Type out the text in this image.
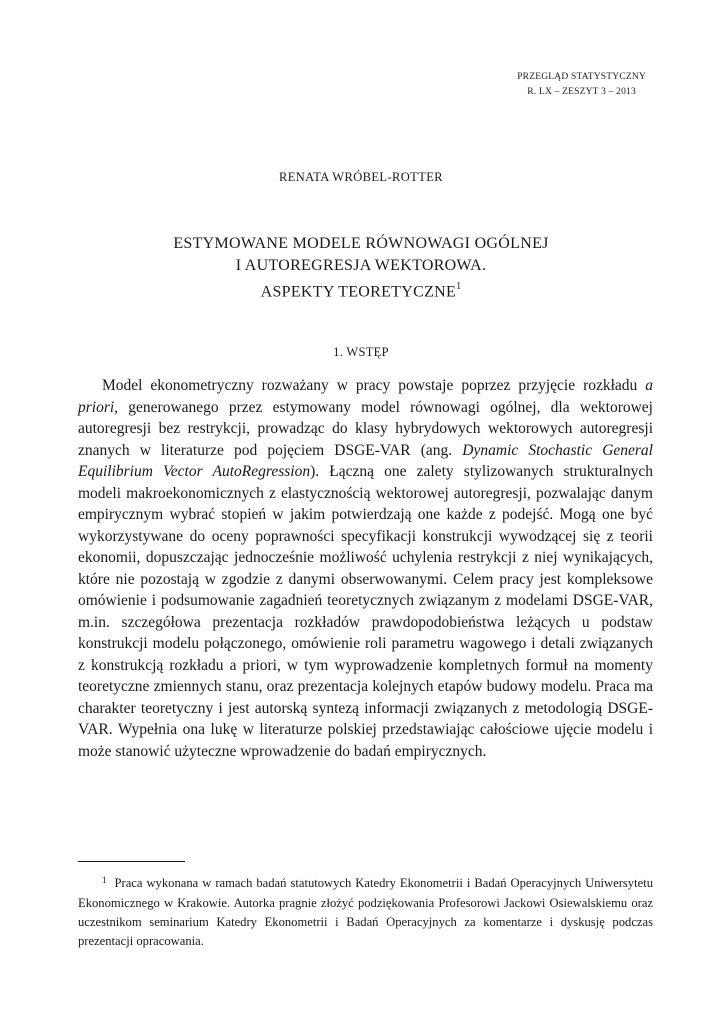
PRZEGLĄD STATYSTYCZNY
R. LX – ZESZYT 3 – 2013
RENATA WRÓBEL-ROTTER
ESTYMOWANE MODELE RÓWNOWAGI OGÓLNEJ
I AUTOREGRESJA WEKTOROWA.
ASPEKTY TEORETYCZNE$^1$
1. WSTĘP

Model ekonometryczny rozważany w pracy powstaje poprzez przyjęcie rozkładu a priori, generowanego przez estymowany model równowagi ogólnej, dla wektorowej autoregresji bez restrykcji, prowadząc do klasy hybrydowych wektorowych autoregresji znanych w literaturze pod pojęciem DSGE-VAR (ang. Dynamic Stochastic General Equilibrium Vector AutoRegression). Łączną one zalety stylizowanych strukturalnych modeli makroekonomicznych z elastycznością wektorowej autoregresji, pozwalając danym empirycznym wybrać stopień w jakim potwierdzają one każde z podejść. Mogą one być wykorzystywane do oceny poprawności specyfikacji konstrukcji wywodzącej się z teorii ekonomii, dopuszczając jednocześnie możliwość uchylenia restrykcji z niej wynikających, które nie pozostają w zgodzie z danymi obserwowanymi. Celem pracy jest kompleksowe omówienie i podsumowanie zagadnień teoretycznych związanym z modelami DSGE-VAR, m.in. szczegółowa prezentacja rozkładów prawdopodobieństwa leżących u podstaw konstrukcji modelu połączonego, omówienie roli parametru wagowego i detali związanych z konstrukcją rozkładu a priori, w tym wyprowadzenie kompletnych formuł na momenty teoretyczne zmiennych stanu, oraz prezentacja kolejnych etapów budowy modelu. Praca ma charakter teoretyczny i jest autorską syntezą informacji związanych z metodologią DSGE-VAR. Wypełnia ona lukę w literaturze polskiej przedstawiając całościowe ujęcie modelu i może stanowić użyteczne wprowadzenie do badań empirycznych.

$^1$ Praca wykonana w ramach badań statutowych Katedry Ekonometrii i Badań Operacyjnych Uniwersytetu Ekonomicznego w Krakowie. Autorka pragnie złożyć podziękowania Profesorowi Jackowi Osiewalskiemu oraz uczestnikom seminarium Katedry Ekonometrii i Badań Operacyjnych za komentarze i dyskusję podczas prezentacji opracowania.
